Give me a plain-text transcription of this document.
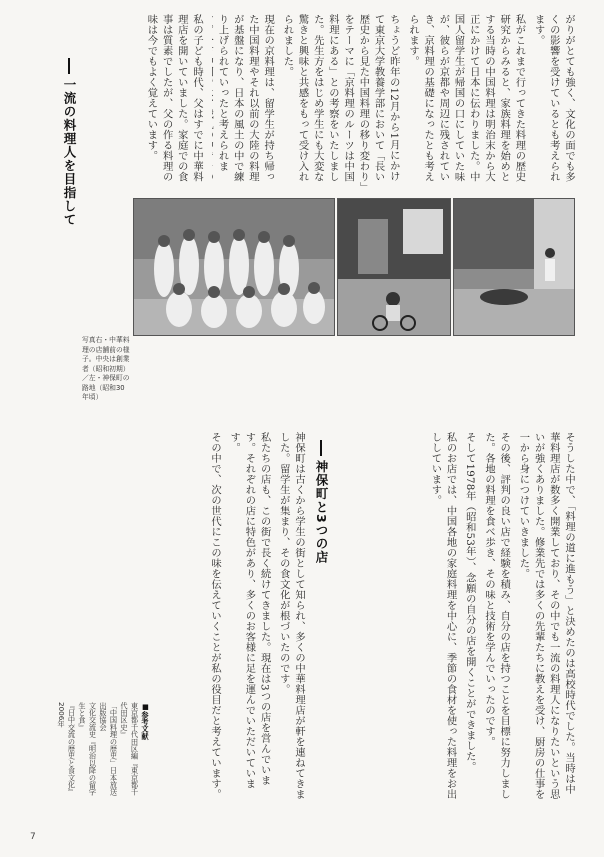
がりがとても強く、文化の面でも多くの影響を受けているとも考えられます。

私がこれまで行ってきた料理の歴史研究からみると、家族料理を始めとする当時の中国料理は明治末から大正にかけて日本に伝わりました。中国人留学生が帰国の口にしていた味が、彼らが京都や周辺に残されていき、京料理の基礎になったとも考えられます。

ちょうど昨年の12月から1月にかけて東京大学教養学部において「長い歴史から見た中国料理の移り変わり」をテーマに「京料理のルーツは中国料理にある」との考察をいたしました。先生方をはじめ学生にも大変な驚きと興味と共感をもって受け入れられました。

現在の京料理は、留学生が持ち帰った中国料理やそれ以前の大陸の料理が基盤になり、日本の風土の中で練り上げられていったと考えられま

一流の料理人を目指して	私の子ども時代、父はすでに中華料理店を開いていました。家庭での食事は質素でしたが、父の作る料理の味は今でもよく覚えています。

写真右・中華料理の店舗前の様子。中央は創業者（昭和初期）／左・神保町の路地（昭和30年頃）

そうした中で、「料理の道に進もう」と決めたのは高校時代でした。当時は中華料理店が数多く開業しており、その中でも一流の料理人になりたいという思いが強くありました。修業先では多くの先輩たちに教えを受け、厨房の仕事を一から身につけていきました。

その後、評判の良い店で経験を積み、自分の店を持つことを目標に努力しました。各地の料理を食べ歩き、その味と技術を学んでいったのです。

そして1978年（昭和53年）、念願の自分の店を開くことができました。

私のお店では、中国各地の家庭料理を中心に、季節の食材を使った料理をお出ししています。

神保町と3つの店

神保町は古くから学生の街として知られ、多くの中華料理店が軒を連ねてきました。留学生が集まり、その食文化が根づいたのです。

私たちの店も、この街で長く続けてきました。現在は3つの店を営んでいます。それぞれの店に特色があり、多くのお客様に足を運んでいただいています。

その中で、次の世代にこの味を伝えていくことが私の役目だと考えています。

■参考文献
東京都千代田区編『東京都千代田区史』
「中国料理の歴史」日本放送出版協会
文化交流史『明治以降の留学生と食』
『日中交流の歴史と食文化』2006年
7
